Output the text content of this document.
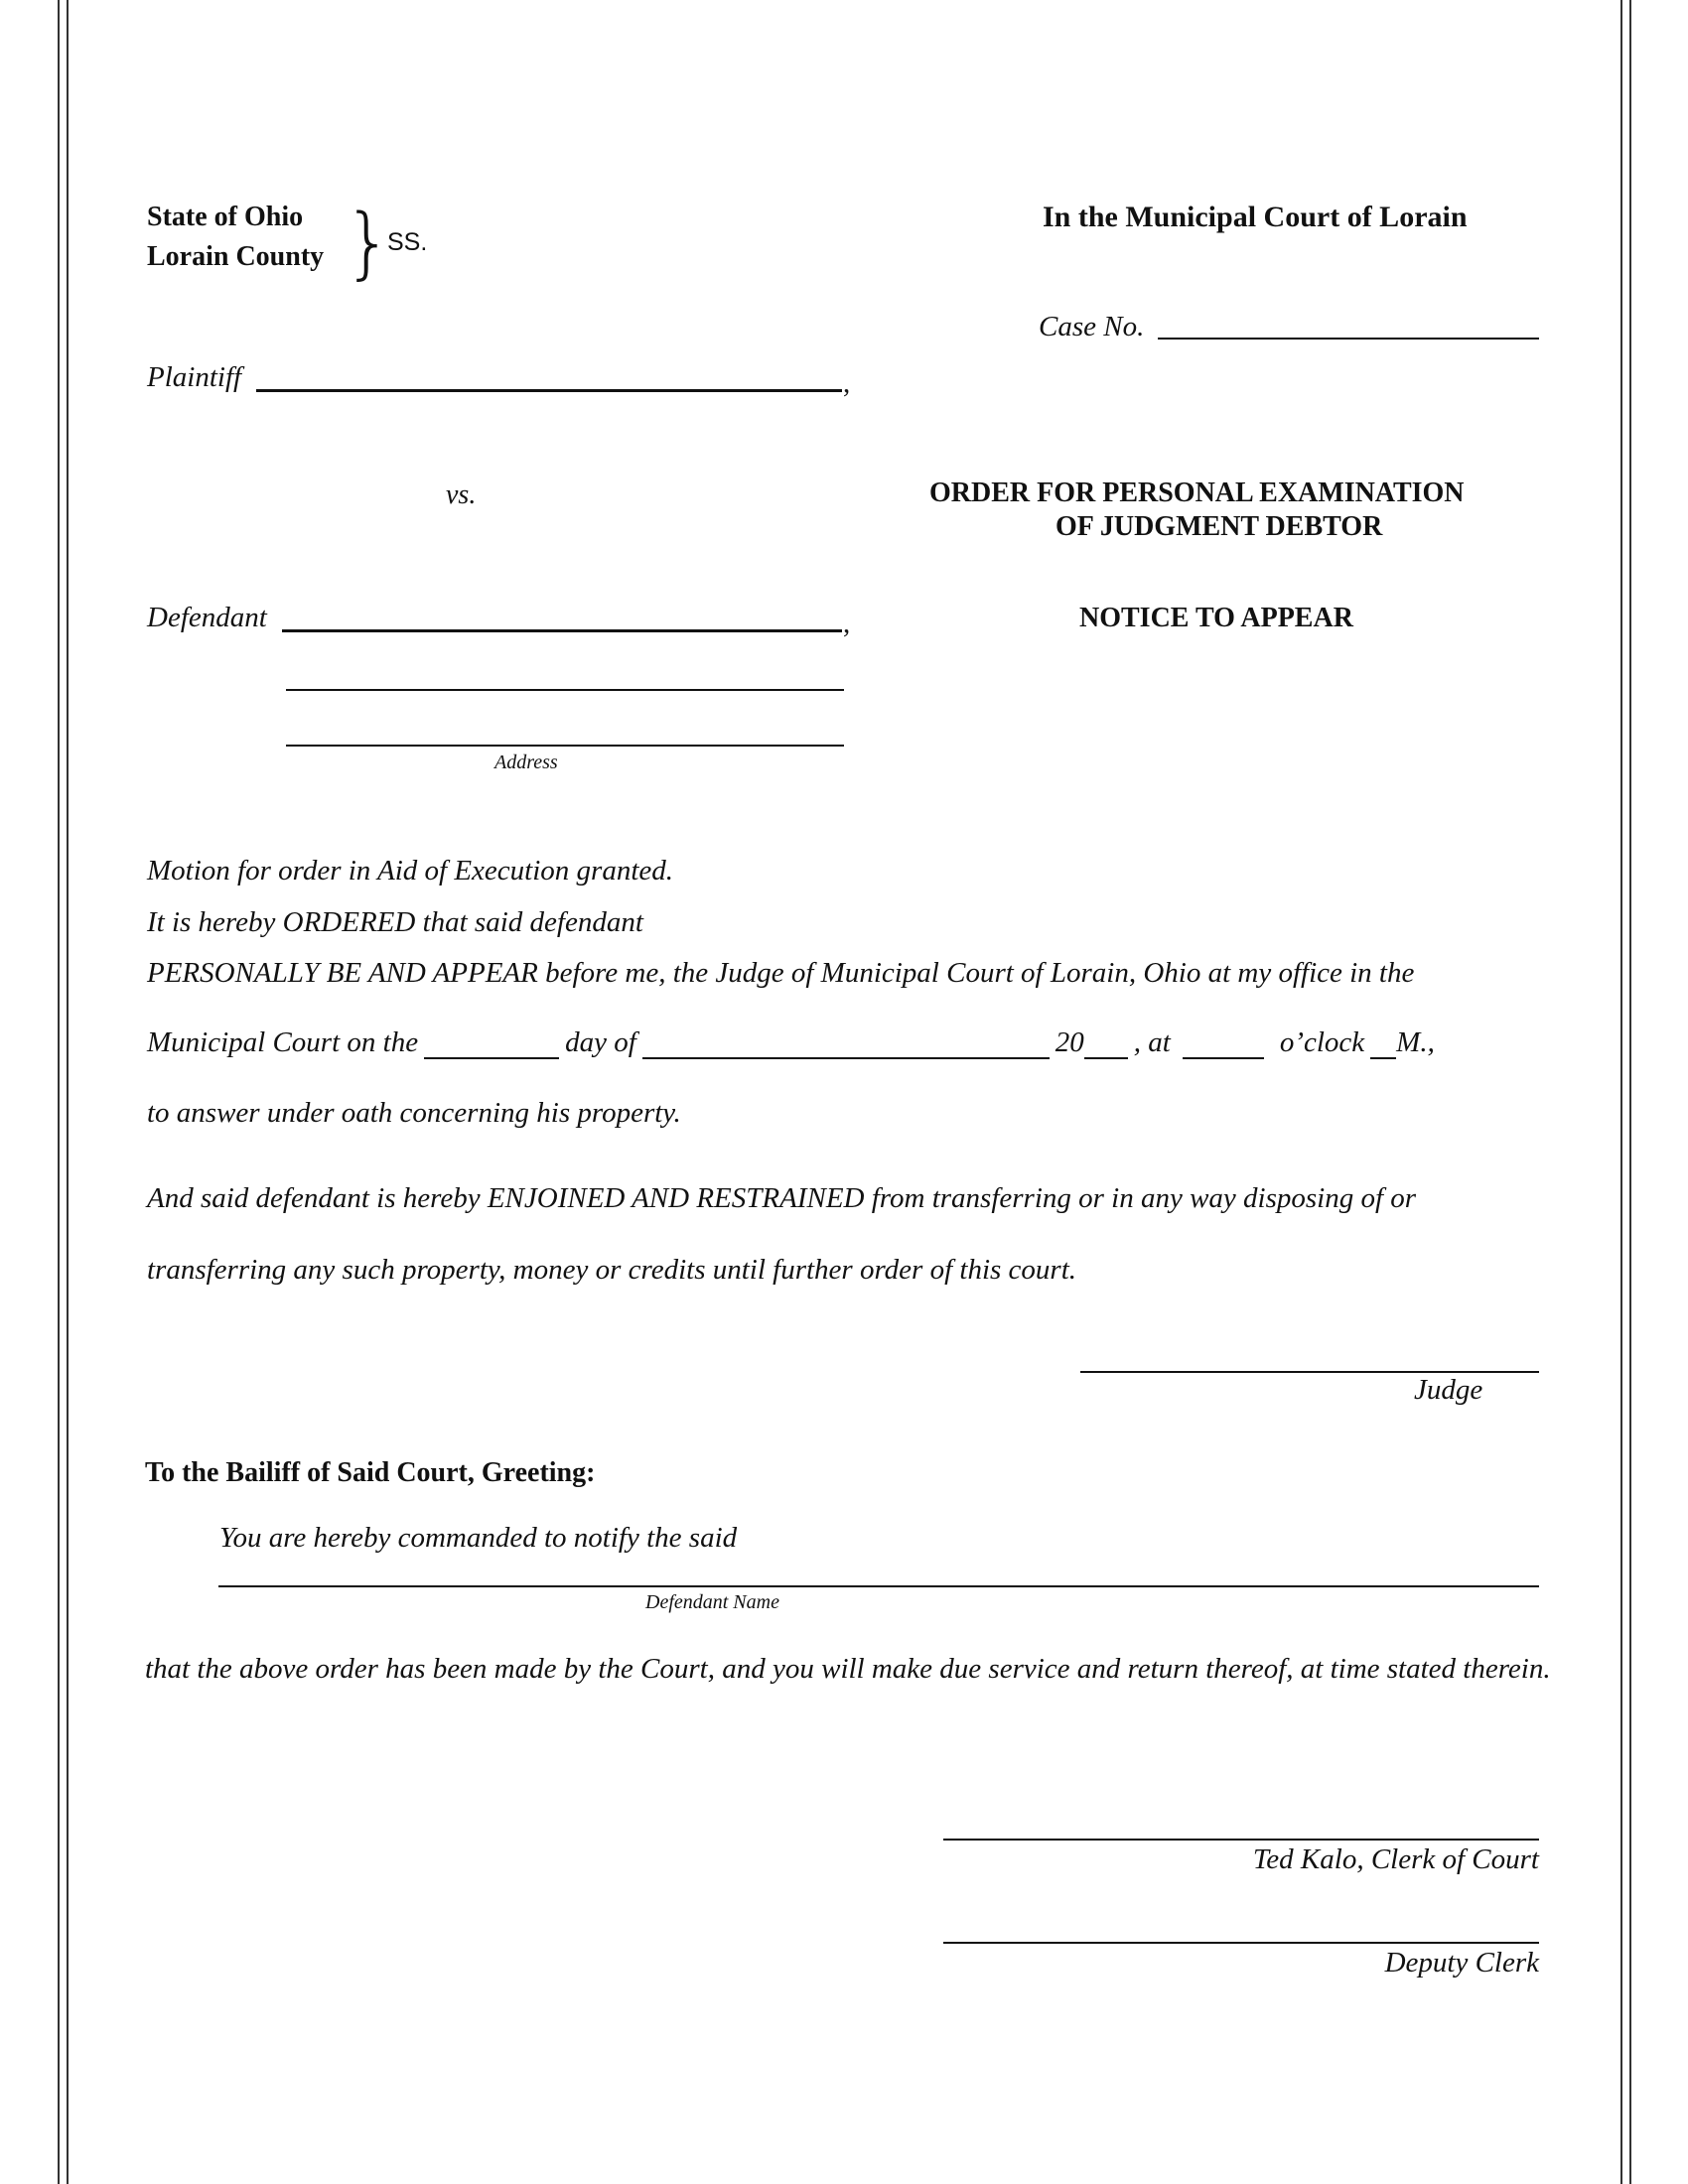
State of Ohio
Lorain County }
SS.
In the Municipal Court of Lorain
Case No.
Plaintiff	,
vs.	ORDER FOR PERSONAL EXAMINATION
OF JUDGMENT DEBTOR
NOTICE TO APPEAR
Defendant	,
Address
Motion for order in Aid of Execution granted.
It is hereby ORDERED that said defendant
PERSONALLY BE AND APPEAR before me, the Judge of Municipal Court of Lorain, Ohio at my office in the
Municipal Court on the	day of	20 , at	o’clock M.,
to answer under oath concerning his property.
And said defendant is hereby ENJOINED AND RESTRAINED from transferring or in any way disposing of or
transferring any such property, money or credits until further order of this court.
Judge
To the Bailiff of Said Court, Greeting:
You are hereby commanded to notify the said
Defendant Name
that the above order has been made by the Court, and you will make due service and return thereof, at time stated therein.
Ted Kalo, Clerk of Court
Deputy Clerk
